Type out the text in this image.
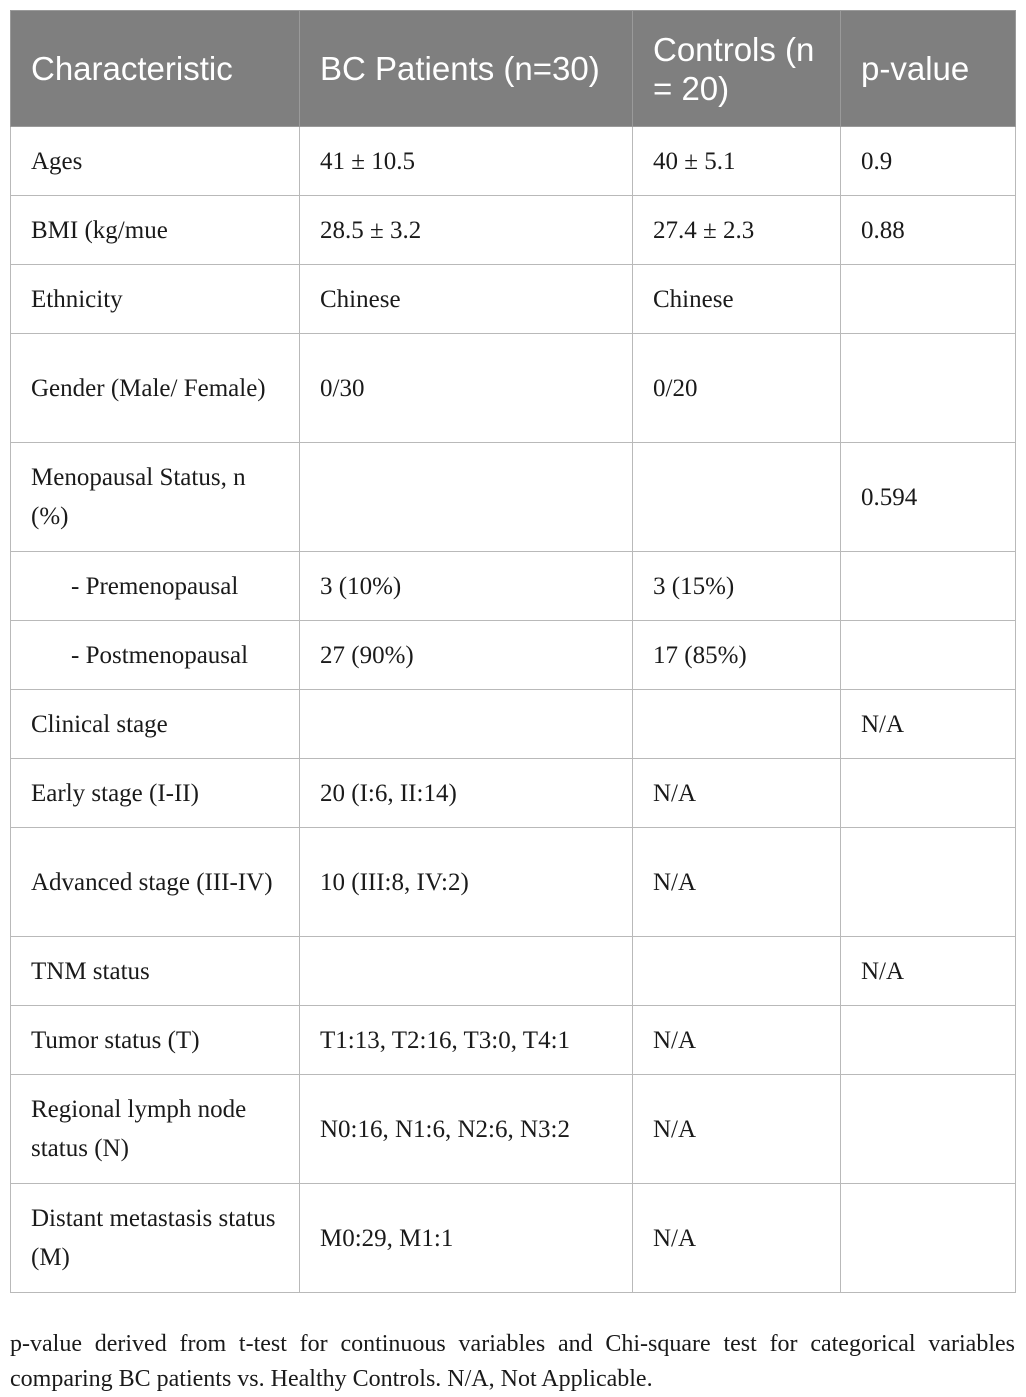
Characteristic	BC Patients (n=30)	Controls (n = 20)	p-value
Ages	41 ± 10.5	40 ± 5.1	0.9
BMI (kg/mue	28.5 ± 3.2	27.4 ± 2.3	0.88
Ethnicity	Chinese	Chinese	
Gender (Male/ Female)	0/30	0/20	
Menopausal Status, n (%)			0.594
- Premenopausal	3 (10%)	3 (15%)	
- Postmenopausal	27 (90%)	17 (85%)	
Clinical stage			N/A
Early stage (I-II)	20 (I:6, II:14)	N/A	
Advanced stage (III-IV)	10 (III:8, IV:2)	N/A	
TNM status			N/A
Tumor status (T)	T1:13, T2:16, T3:0, T4:1	N/A	
Regional lymph node status (N)	N0:16, N1:6, N2:6, N3:2	N/A	
Distant metastasis status (M)	M0:29, M1:1	N/A	

p-value derived from t-test for continuous variables and Chi-square test for categorical variables comparing BC patients vs. Healthy Controls. N/A, Not Applicable.
